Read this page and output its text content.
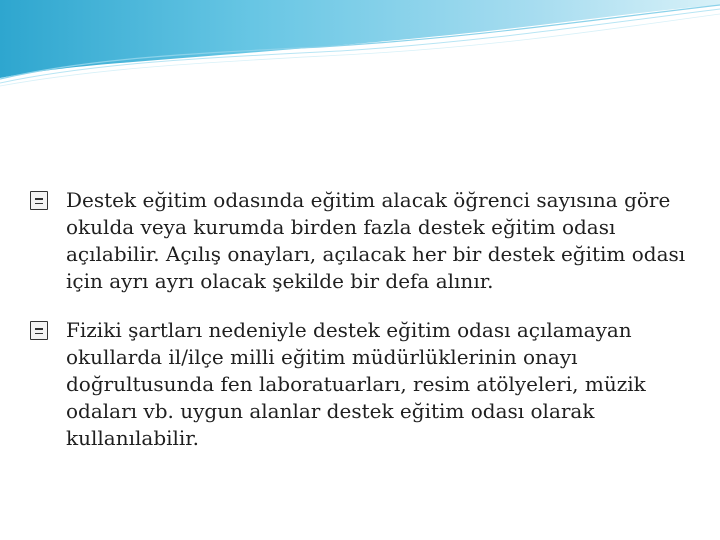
Destek eğitim odasında eğitim alacak öğrenci sayısına göre okulda veya kurumda birden fazla destek eğitim odası açılabilir. Açılış onayları, açılacak her bir destek eğitim odası için ayrı ayrı olacak şekilde bir defa alınır.
Fiziki şartları nedeniyle destek eğitim odası açılamayan okullarda il/ilçe milli eğitim müdürlüklerinin onayı doğrultusunda fen laboratuarları, resim atölyeleri, müzik odaları vb. uygun alanlar destek eğitim odası olarak kullanılabilir.
